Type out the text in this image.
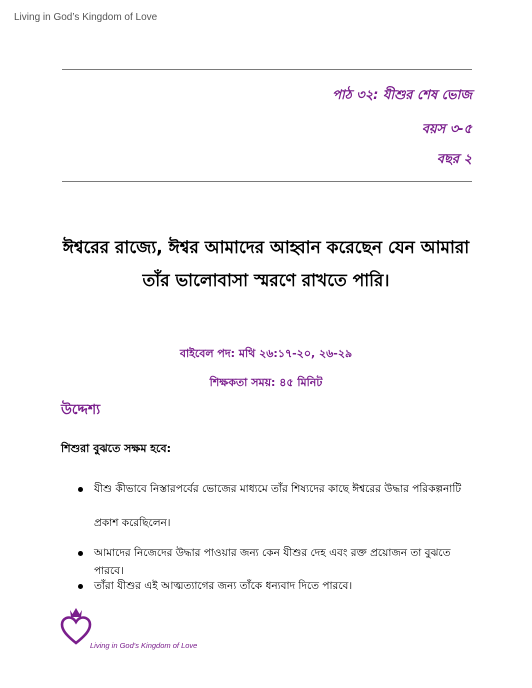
Living in God’s Kingdom of Love
পাঠ ৩২: যীশুর শেষ ভোজ
বয়স ৩-৫
বছর ২
ঈশ্বরের রাজ্যে, ঈশ্বর আমাদের আহ্বান করেছেন যেন আমারা
তাঁর ভালোবাসা স্মরণে রাখতে পারি।
বাইবেল পদ: মথি ২৬:১৭-২০, ২৬-২৯
শিক্ষকতা সময়: ৪৫ মিনিট
উদ্দেশ্য
শিশুরা বুঝতে সক্ষম হবে:
যীশু কীভাবে নিস্তারপর্বের ভোজের মাধ্যমে তাঁর শিষ্যদের কাছে ঈশ্বরের উদ্ধার পরিকল্পনাটি প্রকাশ করেছিলেন।
আমাদের নিজেদের উদ্ধার পাওয়ার জন্য কেন যীশুর দেহ এবং রক্ত প্রয়োজন তা বুঝতে পারবে।
তাঁরা যীশুর এই আত্মত্যাগের জন্য তাঁকে ধন্যবাদ দিতে পারবে।
Living in God's Kingdom of Love
